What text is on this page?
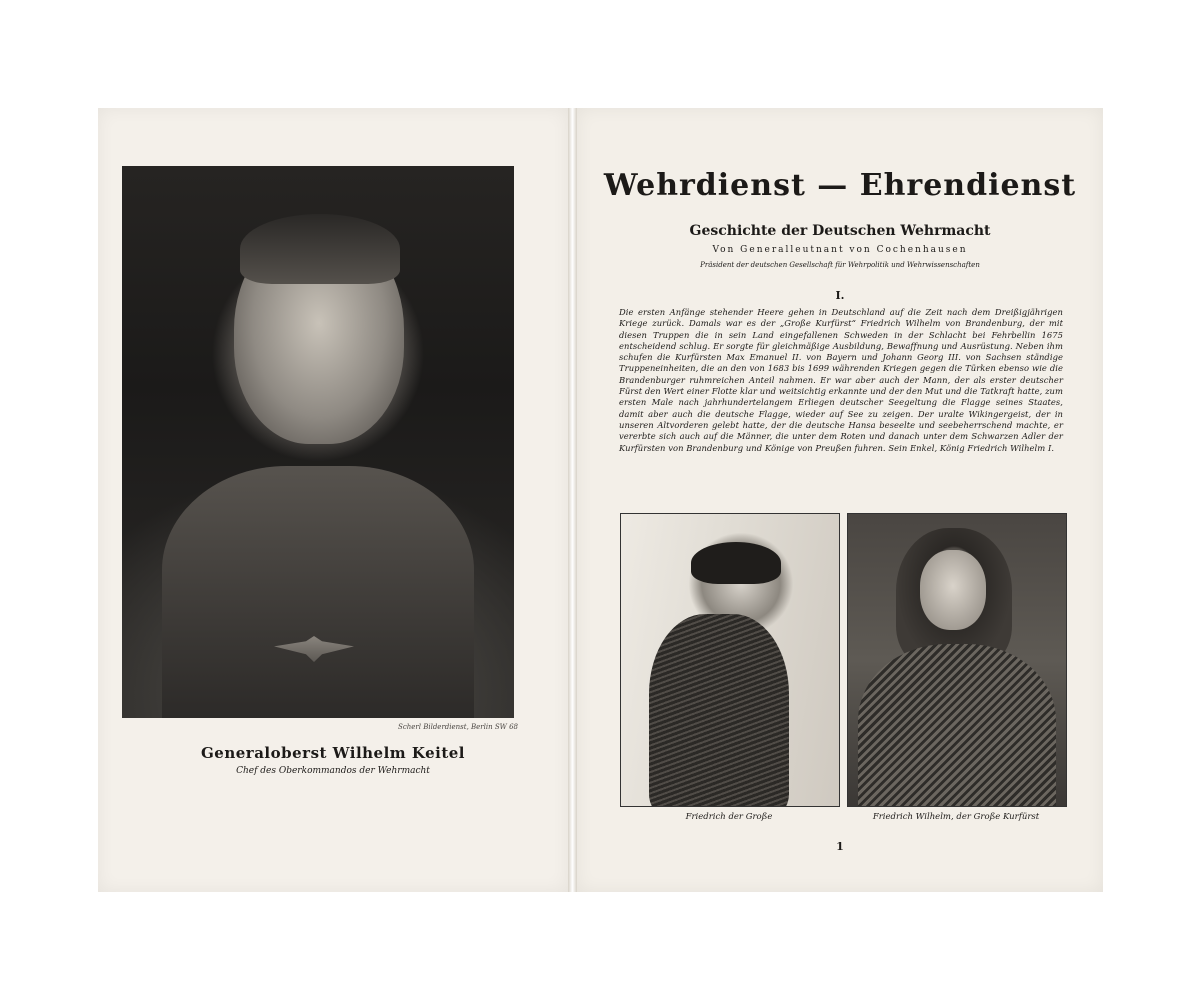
Scherl Bilderdienst, Berlin SW 68
Generaloberst Wilhelm Keitel
Chef des Oberkommandos der Wehrmacht
Wehrdienst — Ehrendienst
Geschichte der Deutschen Wehrmacht
Von Generalleutnant von Cochenhausen
Präsident der deutschen Gesellschaft für Wehrpolitik und Wehrwissenschaften
I.
Die ersten Anfänge stehender Heere gehen in Deutschland auf die Zeit nach dem Dreißigjährigen Kriege zurück. Damals war es der „Große Kurfürst“ Friedrich Wilhelm von Brandenburg, der mit diesen Truppen die in sein Land eingefallenen Schweden in der Schlacht bei Fehrbellin 1675 entscheidend schlug. Er sorgte für gleichmäßige Ausbildung, Bewaffnung und Ausrüstung. Neben ihm schufen die Kurfürsten Max Emanuel II. von Bayern und Johann Georg III. von Sachsen ständige Truppeneinheiten, die an den von 1683 bis 1699 währenden Kriegen gegen die Türken ebenso wie die Brandenburger ruhmreichen Anteil nahmen. Er war aber auch der Mann, der als erster deutscher Fürst den Wert einer Flotte klar und weitsichtig erkannte und der den Mut und die Tatkraft hatte, zum ersten Male nach jahrhundertelangem Erliegen deutscher Seegeltung die Flagge seines Staates, damit aber auch die deutsche Flagge, wieder auf See zu zeigen. Der uralte Wikingergeist, der in unseren Altvorderen gelebt hatte, der die deutsche Hansa beseelte und seebeherrschend machte, er vererbte sich auch auf die Männer, die unter dem Roten und danach unter dem Schwarzen Adler der Kurfürsten von Brandenburg und Könige von Preußen fuhren. Sein Enkel, König Friedrich Wilhelm I.
Friedrich der Große	Friedrich Wilhelm, der Große Kurfürst
1
